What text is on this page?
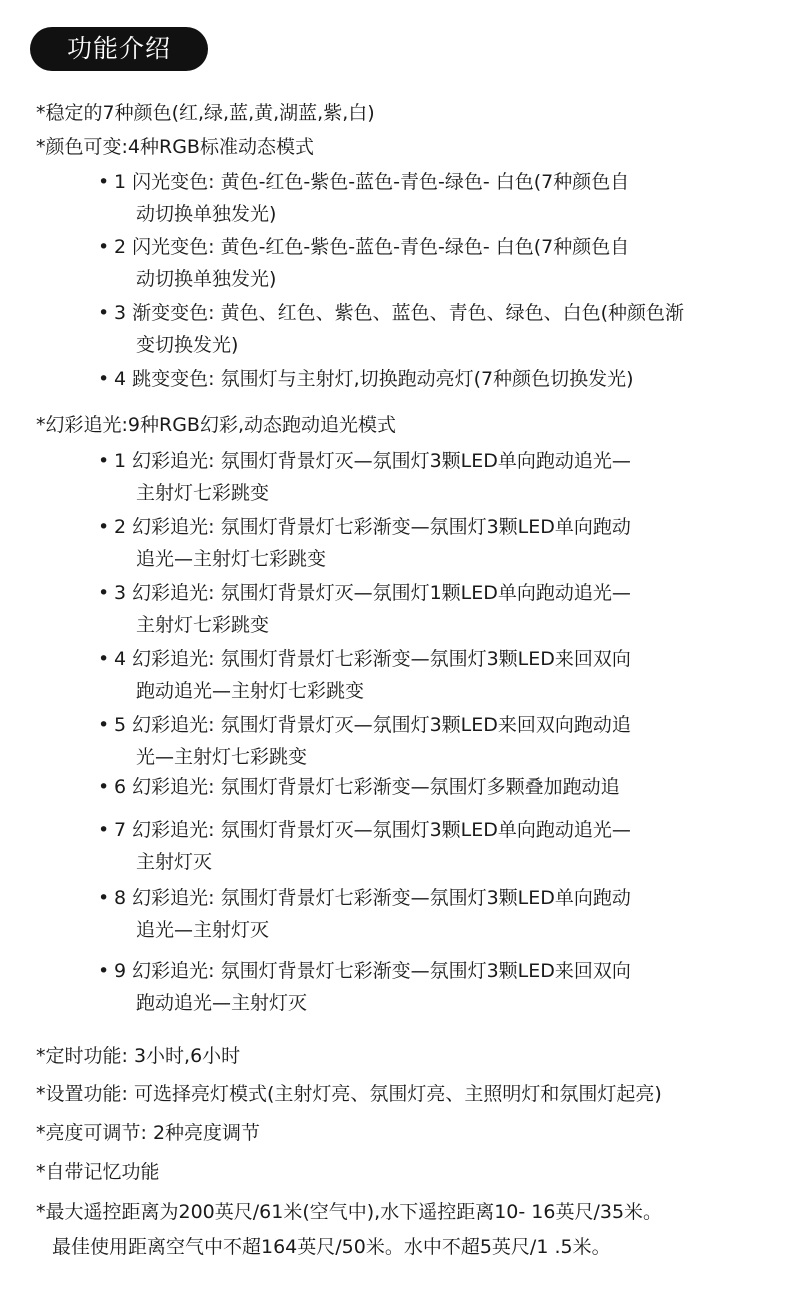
功能介绍
*稳定的7种颜色(红,绿,蓝,黄,湖蓝,紫,白)
*颜色可变:4种RGB标准动态模式
• 1 闪光变色: 黄色-红色-紫色-蓝色-青色-绿色- 白色(7种颜色自
动切换单独发光)
• 2 闪光变色: 黄色-红色-紫色-蓝色-青色-绿色- 白色(7种颜色自
动切换单独发光)
• 3 渐变变色: 黄色、红色、紫色、蓝色、青色、绿色、白色(种颜色渐
变切换发光)
• 4 跳变变色: 氛围灯与主射灯,切换跑动亮灯(7种颜色切换发光)
*幻彩追光:9种RGB幻彩,动态跑动追光模式
• 1 幻彩追光: 氛围灯背景灯灭—氛围灯3颗LED单向跑动追光—
主射灯七彩跳变
• 2 幻彩追光: 氛围灯背景灯七彩渐变—氛围灯3颗LED单向跑动
追光—主射灯七彩跳变
• 3 幻彩追光: 氛围灯背景灯灭—氛围灯1颗LED单向跑动追光—
主射灯七彩跳变
• 4 幻彩追光: 氛围灯背景灯七彩渐变—氛围灯3颗LED来回双向
跑动追光—主射灯七彩跳变
• 5 幻彩追光: 氛围灯背景灯灭—氛围灯3颗LED来回双向跑动追
光—主射灯七彩跳变
• 6 幻彩追光: 氛围灯背景灯七彩渐变—氛围灯多颗叠加跑动追
• 7 幻彩追光: 氛围灯背景灯灭—氛围灯3颗LED单向跑动追光—
主射灯灭
• 8 幻彩追光: 氛围灯背景灯七彩渐变—氛围灯3颗LED单向跑动
追光—主射灯灭
• 9 幻彩追光: 氛围灯背景灯七彩渐变—氛围灯3颗LED来回双向
跑动追光—主射灯灭
*定时功能: 3小时,6小时
*设置功能: 可选择亮灯模式(主射灯亮、氛围灯亮、主照明灯和氛围灯起亮)
*亮度可调节: 2种亮度调节
*自带记忆功能
*最大遥控距离为200英尺/61米(空气中),水下遥控距离10- 16英尺/35米。
最佳使用距离空气中不超164英尺/50米。水中不超5英尺/1 .5米。
